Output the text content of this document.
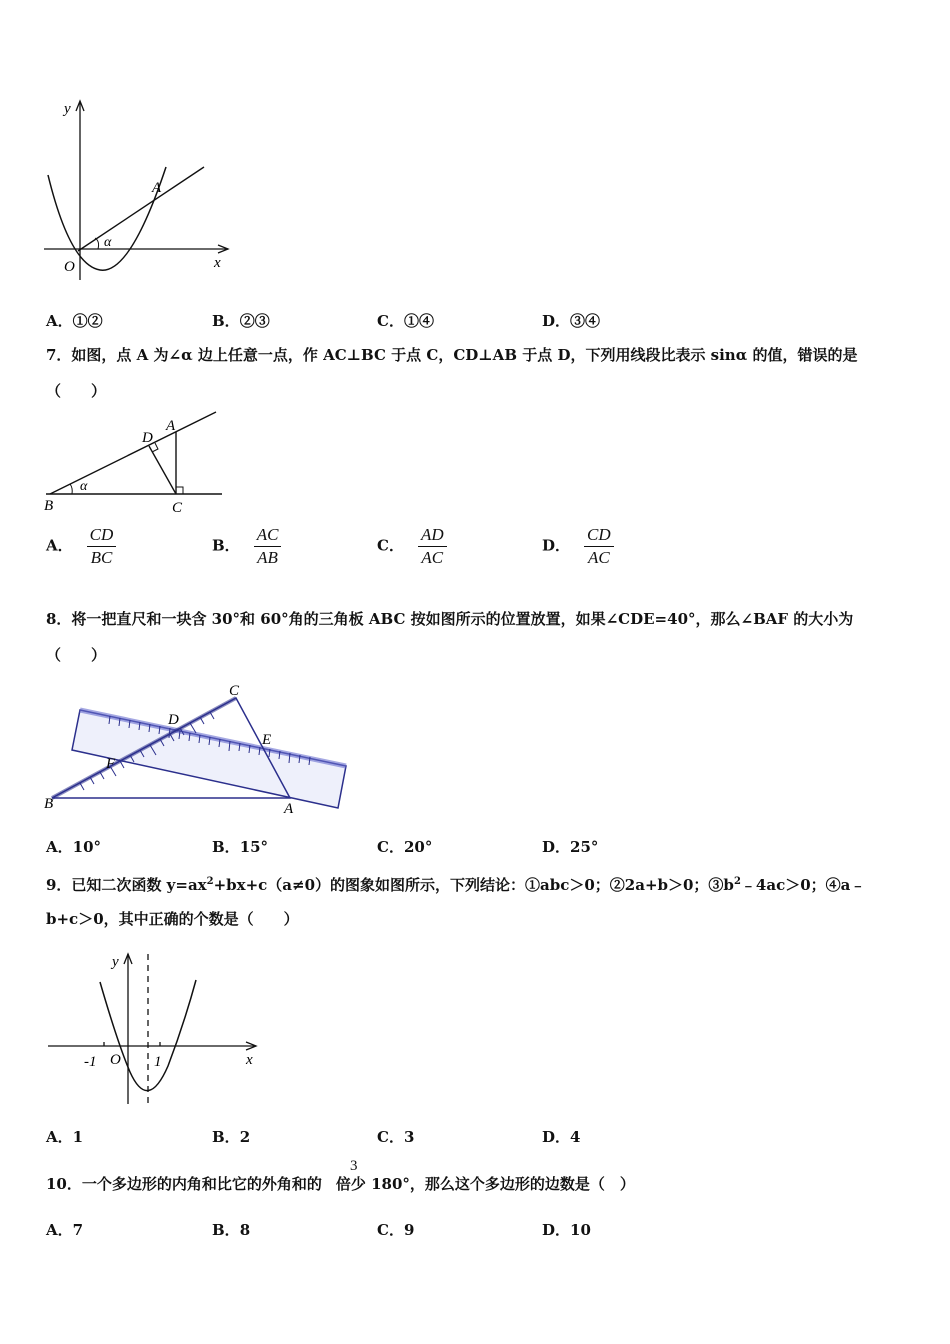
y
x
O
A
α
A．①②	B．②③	C．①④	D．③④
7．如图，点 A 为∠α 边上任意一点，作 AC⊥BC 于点 C，CD⊥AB 于点 D，下列用线段比表示 sinα 的值，错误的是
（　　）
A
D
B	C
α
A． $\frac{CD}{BC}$	B． $\frac{AC}{AB}$	C． $\frac{AD}{AC}$	D． $\frac{CD}{AC}$
8．将一把直尺和一块含 30°和 60°角的三角板 ABC 按如图所示的位置放置，如果∠CDE=40°，那么∠BAF 的大小为
（　　）
C
D
E
F
B	A
A．10°	B．15°	C．20°	D．25°
9．已知二次函数 $y=ax^2+bx+c(a\ne 0)$的图象如图所示，下列结论：①abc＞0；②2a+b＞0；$③b^2﹣4ac>0$；④a﹣
b+c＞0，其中正确的个数是（　　）
y
x
O
-1	1
A．1	B．2	C．3	D．4
10．一个多边形的内角和比它的外角和的 倍少 180°，那么这个多边形的边数是（　）
3
A．7	B．8	C．9	D．10
